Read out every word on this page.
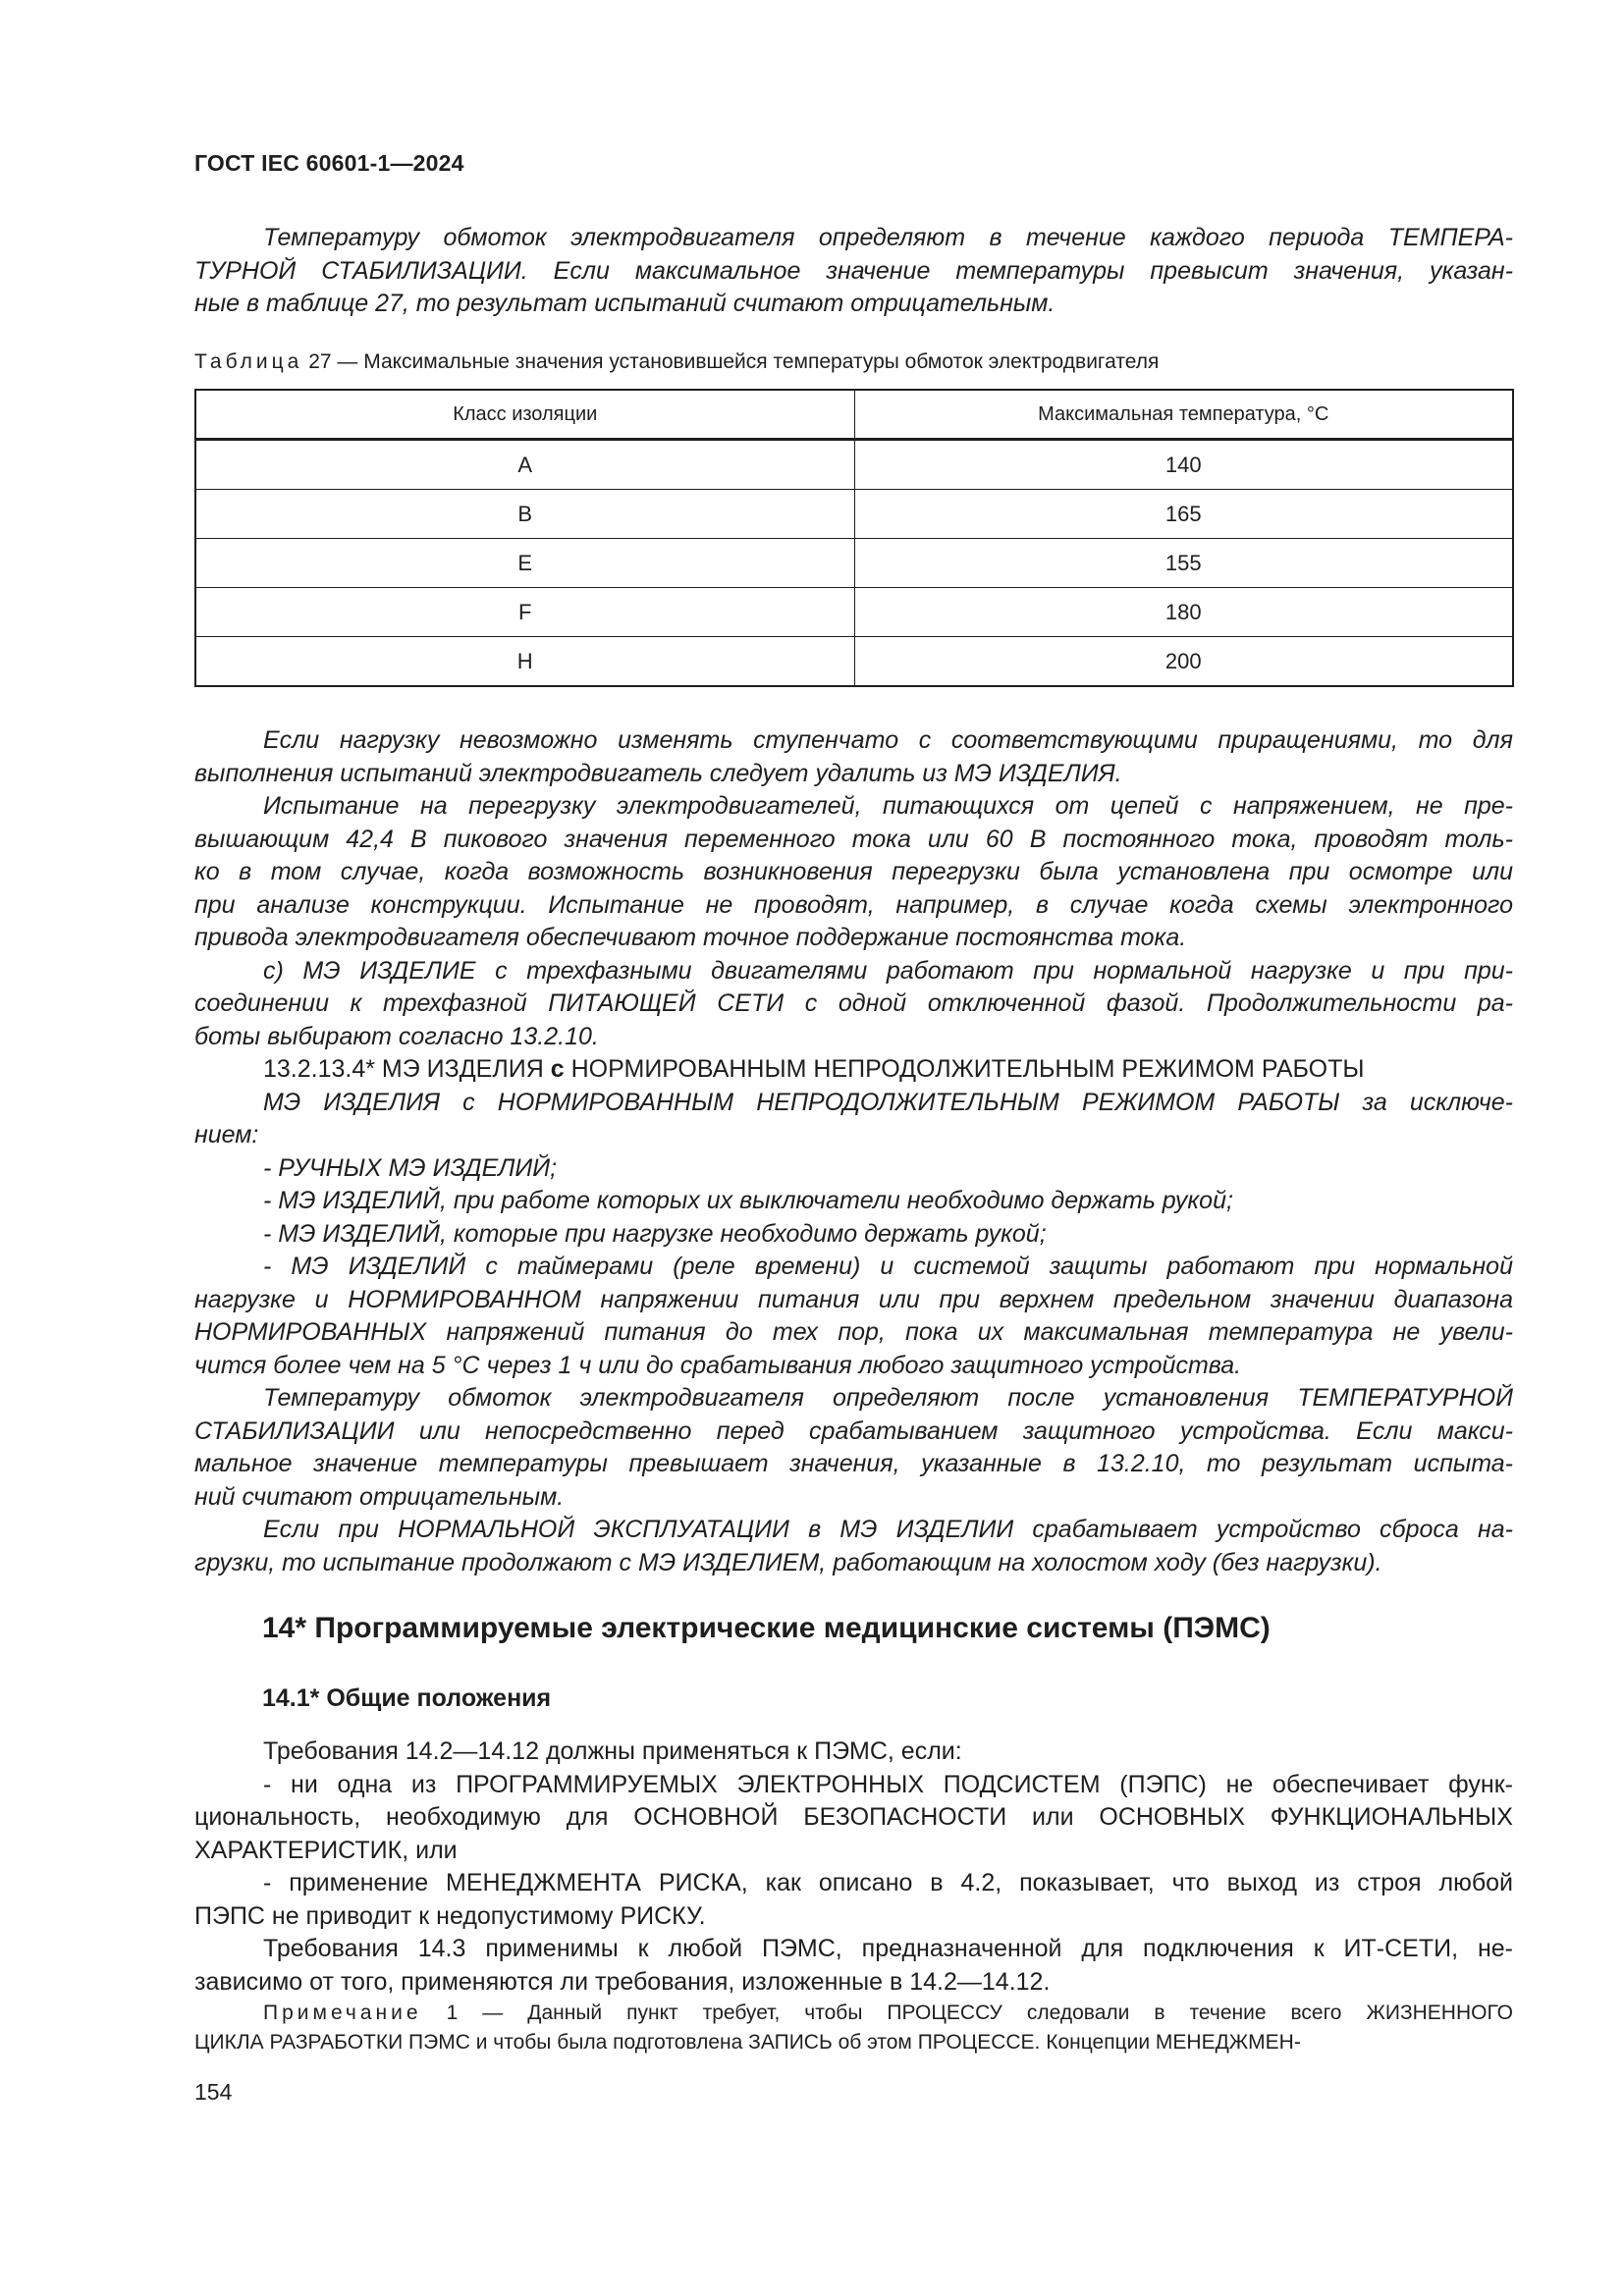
ГОСТ IEC 60601-1—2024

Температуру обмоток электродвигателя определяют в течение каждого периода ТЕМПЕРА-

ТУРНОЙ СТАБИЛИЗАЦИИ. Если максимальное значение температуры превысит значения, указан-

ные в таблице 27, то результат испытаний считают отрицательным.

Таблица 27 — Максимальные значения установившейся температуры обмоток электродвигателя
Класс изоляции	Максимальная температура, °С
A	140
B	165
E	155
F	180
H	200

Если нагрузку невозможно изменять ступенчато с соответствующими приращениями, то для

выполнения испытаний электродвигатель следует удалить из МЭ ИЗДЕЛИЯ.

Испытание на перегрузку электродвигателей, питающихся от цепей с напряжением, не пре-

вышающим 42,4 В пикового значения переменного тока или 60 В постоянного тока, проводят толь-

ко в том случае, когда возможность возникновения перегрузки была установлена при осмотре или

при анализе конструкции. Испытание не проводят, например, в случае когда схемы электронного

привода электродвигателя обеспечивают точное поддержание постоянства тока.

c) МЭ ИЗДЕЛИЕ с трехфазными двигателями работают при нормальной нагрузке и при при-

соединении к трехфазной ПИТАЮЩЕЙ СЕТИ с одной отключенной фазой. Продолжительности ра-

боты выбирают согласно 13.2.10.

13.2.13.4* МЭ ИЗДЕЛИЯ с НОРМИРОВАННЫМ НЕПРОДОЛЖИТЕЛЬНЫМ РЕЖИМОМ РАБОТЫ

МЭ ИЗДЕЛИЯ с НОРМИРОВАННЫМ НЕПРОДОЛЖИТЕЛЬНЫМ РЕЖИМОМ РАБОТЫ за исключе-

нием:

- РУЧНЫХ МЭ ИЗДЕЛИЙ;

- МЭ ИЗДЕЛИЙ, при работе которых их выключатели необходимо держать рукой;

- МЭ ИЗДЕЛИЙ, которые при нагрузке необходимо держать рукой;

- МЭ ИЗДЕЛИЙ с таймерами (реле времени) и системой защиты работают при нормальной

нагрузке и НОРМИРОВАННОМ напряжении питания или при верхнем предельном значении диапазона

НОРМИРОВАННЫХ напряжений питания до тех пор, пока их максимальная температура не увели-

чится более чем на 5 °С через 1 ч или до срабатывания любого защитного устройства.

Температуру обмоток электродвигателя определяют после установления ТЕМПЕРАТУРНОЙ

СТАБИЛИЗАЦИИ или непосредственно перед срабатыванием защитного устройства. Если макси-

мальное значение температуры превышает значения, указанные в 13.2.10, то результат испыта-

ний считают отрицательным.

Если при НОРМАЛЬНОЙ ЭКСПЛУАТАЦИИ в МЭ ИЗДЕЛИИ срабатывает устройство сброса на-

грузки, то испытание продолжают с МЭ ИЗДЕЛИЕМ, работающим на холостом ходу (без нагрузки).

14* Программируемые электрические медицинские системы (ПЭМС)
14.1* Общие положения

Требования 14.2—14.12 должны применяться к ПЭМС, если:

- ни одна из ПРОГРАММИРУЕМЫХ ЭЛЕКТРОННЫХ ПОДСИСТЕМ (ПЭПС) не обеспечивает функ-

циональность, необходимую для ОСНОВНОЙ БЕЗОПАСНОСТИ или ОСНОВНЫХ ФУНКЦИОНАЛЬНЫХ

ХАРАКТЕРИСТИК, или

- применение МЕНЕДЖМЕНТА РИСКА, как описано в 4.2, показывает, что выход из строя любой

ПЭПС не приводит к недопустимому РИСКУ.

Требования 14.3 применимы к любой ПЭМС, предназначенной для подключения к ИТ-СЕТИ, не-

зависимо от того, применяются ли требования, изложенные в 14.2—14.12.

Примечание 1 — Данный пункт требует, чтобы ПРОЦЕССУ следовали в течение всего ЖИЗНЕННОГО

ЦИКЛА РАЗРАБОТКИ ПЭМС и чтобы была подготовлена ЗАПИСЬ об этом ПРОЦЕССЕ. Концепции МЕНЕДЖМЕН-

154
